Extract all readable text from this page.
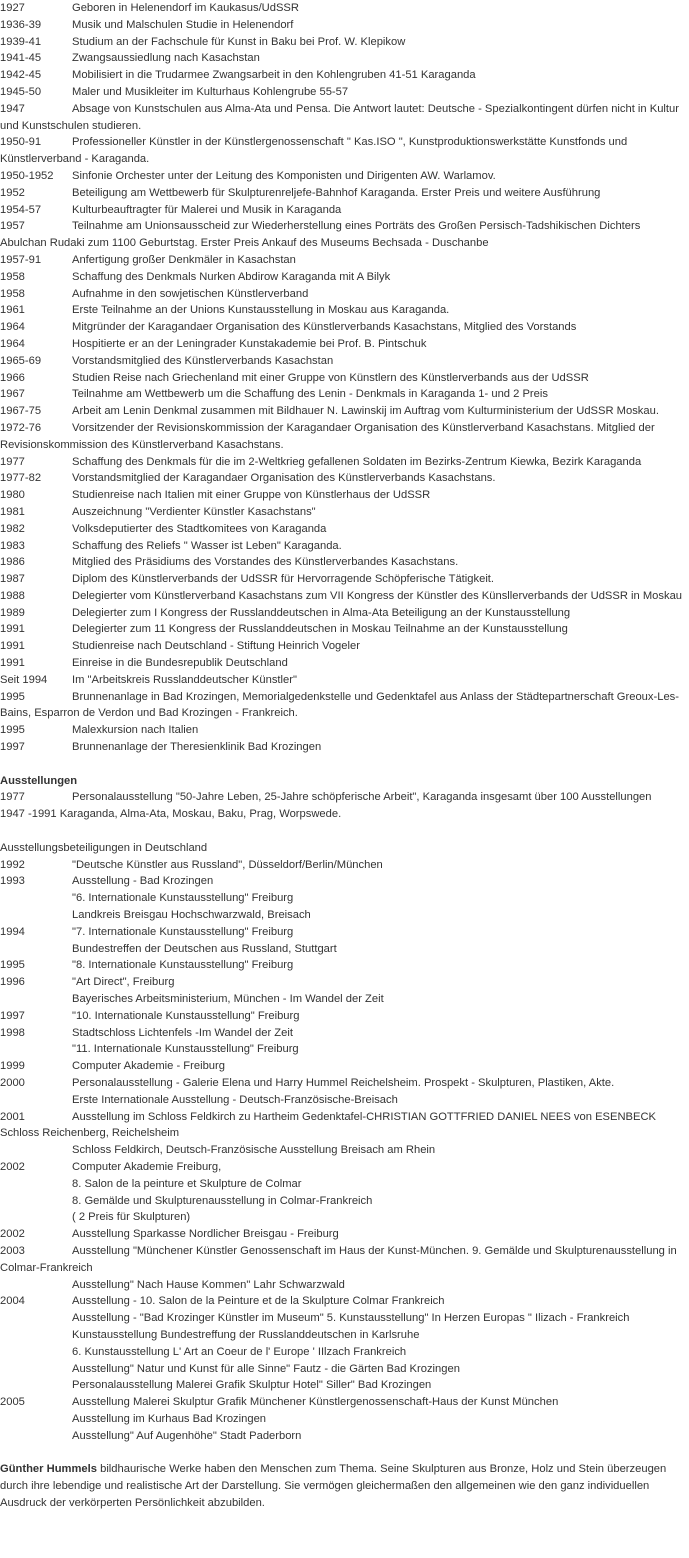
1927	Geboren in Helenendorf im Kaukasus/UdSSR
1936-39	Musik und Malschulen Studie in Helenendorf
1939-41	Studium an der Fachschule für Kunst in Baku bei Prof. W. Klepikow
1941-45	Zwangsaussiedlung nach Kasachstan
1942-45	Mobilisiert in die Trudarmee Zwangsarbeit in den Kohlengruben 41-51 Karaganda
1945-50	Maler und Musikleiter im Kulturhaus Kohlengrube 55-57
1947	Absage von Kunstschulen aus Alma-Ata und Pensa. Die Antwort lautet: Deutsche - Spezialkontingent dürfen nicht in Kultur und Kunstschulen studieren.
1950-91	Professioneller Künstler in der Künstlergenossenschaft " Kas.ISO ", Kunstproduktionswerkstätte Kunstfonds und Künstlerverband - Karaganda.
1950-1952 Sinfonie Orchester unter der Leitung des Komponisten und Dirigenten AW. Warlamov.
1952	Beteiligung am Wettbewerb für Skulpturenreljefe-Bahnhof Karaganda. Erster Preis und weitere Ausführung
1954-57	Kulturbeauftragter für Malerei und Musik in Karaganda
1957	Teilnahme am Unionsausscheid zur Wiederherstellung eines Porträts des Großen Persisch-Tadshikischen Dichters Abulchan Rudaki zum 1100 Geburtstag. Erster Preis Ankauf des Museums Bechsada - Duschanbe
1957-91	Anfertigung großer Denkmäler in Kasachstan
1958	Schaffung des Denkmals Nurken Abdirow Karaganda mit A Bilyk
1958	Aufnahme in den sowjetischen Künstlerverband
1961	Erste Teilnahme an der Unions Kunstausstellung in Moskau aus Karaganda.
1964	Mitgründer der Karagandaer Organisation des Künstlerverbands Kasachstans, Mitglied des Vorstands
1964	Hospitierte er an der Leningrader Kunstakademie bei Prof. B. Pintschuk
1965-69	Vorstandsmitglied des Künstlerverbands Kasachstan
1966	Studien Reise nach Griechenland mit einer Gruppe von Künstlern des Künstlerverbands aus der UdSSR
1967	Teilnahme am Wettbewerb um die Schaffung des Lenin - Denkmals in Karaganda 1- und 2 Preis
1967-75	Arbeit am Lenin Denkmal zusammen mit Bildhauer N. Lawinskij im Auftrag vom Kulturministerium der UdSSR Moskau.
1972-76	Vorsitzender der Revisionskommission der Karagandaer Organisation des Künstlerverband Kasachstans. Mitglied der Revisionskommission des Künstlerverband Kasachstans.
1977	Schaffung des Denkmals für die im 2-Weltkrieg gefallenen Soldaten im Bezirks-Zentrum Kiewka, Bezirk Karaganda
1977-82	Vorstandsmitglied der Karagandaer Organisation des Künstlerverbands Kasachstans.
1980	Studienreise nach Italien mit einer Gruppe von Künstlerhaus der UdSSR
1981	Auszeichnung "Verdienter Künstler Kasachstans"
1982	Volksdeputierter des Stadtkomitees von Karaganda
1983	Schaffung des Reliefs " Wasser ist Leben" Karaganda.
1986	Mitglied des Präsidiums des Vorstandes des Künstlerverbandes Kasachstans.
1987	Diplom des Künstlerverbands der UdSSR für Hervorragende Schöpferische Tätigkeit.
1988	Delegierter vom Künstlerverband Kasachstans zum VII Kongress der Künstler des Künsllerverbands der UdSSR in Moskau
1989	Delegierter zum I Kongress der Russlanddeutschen in Alma-Ata Beteiligung an der Kunstausstellung
1991	Delegierter zum 11 Kongress der Russlanddeutschen in Moskau Teilnahme an der Kunstausstellung
1991	Studienreise nach Deutschland - Stiftung Heinrich Vogeler
1991	Einreise in die Bundesrepublik Deutschland
Seit 1994 Im "Arbeitskreis Russlanddeutscher Künstler"
1995	Brunnenanlage in Bad Krozingen, Memorialgedenkstelle und Gedenktafel aus Anlass der Städtepartnerschaft Greoux-Les-Bains, Esparron de Verdon und Bad Krozingen - Frankreich.
1995	Malexkursion nach Italien
1997	Brunnenanlage der Theresienklinik Bad Krozingen
Ausstellungen
1977	Personalausstellung "50-Jahre Leben, 25-Jahre schöpferische Arbeit", Karaganda insgesamt über 100 Ausstellungen
1947 -1991 Karaganda, Alma-Ata, Moskau, Baku, Prag, Worpswede.
Ausstellungsbeteiligungen in Deutschland
1992	"Deutsche Künstler aus Russland", Düsseldorf/Berlin/München
1993	Ausstellung - Bad Krozingen
"6. Internationale Kunstausstellung" Freiburg
Landkreis Breisgau Hochschwarzwald, Breisach
1994	"7. Internationale Kunstausstellung" Freiburg
Bundestreffen der Deutschen aus Russland, Stuttgart
1995	"8. Internationale Kunstausstellung" Freiburg
1996	"Art Direct", Freiburg
Bayerisches Arbeitsministerium, München - Im Wandel der Zeit
1997	"10. Internationale Kunstausstellung" Freiburg
1998	Stadtschloss Lichtenfels -Im Wandel der Zeit
"11. Internationale Kunstausstellung" Freiburg
1999	Computer Akademie - Freiburg
2000	Personalausstellung - Galerie Elena und Harry Hummel Reichelsheim. Prospekt - Skulpturen, Plastiken, Akte.
Erste Internationale Ausstellung - Deutsch-Französische-Breisach
2001	Ausstellung im Schloss Feldkirch zu Hartheim Gedenktafel-CHRISTIAN GOTTFRIED DANIEL NEES von ESENBECK Schloss Reichenberg, Reichelsheim
Schloss Feldkirch, Deutsch-Französische Ausstellung Breisach am Rhein
2002	Computer Akademie Freiburg,
8. Salon de la peinture et Skulpture de Colmar
8. Gemälde und Skulpturenausstellung in Colmar-Frankreich
( 2 Preis für Skulpturen)
2002	Ausstellung Sparkasse Nordlicher Breisgau - Freiburg
2003	Ausstellung "Münchener Künstler Genossenschaft im Haus der Kunst-München. 9. Gemälde und Skulpturenausstellung in Colmar-Frankreich
Ausstellung" Nach Hause Kommen" Lahr Schwarzwald
2004	Ausstellung - 10. Salon de la Peinture et de la Skulpture Colmar Frankreich
Ausstellung - "Bad Krozinger Künstler im Museum" 5. Kunstausstellung" In Herzen Europas " Ilizach - Frankreich
Kunstausstellung Bundestreffung der Russlanddeutschen in Karlsruhe
6. Kunstausstellung L' Art an Coeur de l' Europe ' IIlzach Frankreich
Ausstellung" Natur und Kunst für alle Sinne" Fautz - die Gärten Bad Krozingen
Personalausstellung Malerei Grafik Skulptur Hotel" Siller" Bad Krozingen
2005	Ausstellung Malerei Skulptur Grafik Münchener Künstlergenossenschaft-Haus der Kunst München
Ausstellung im Kurhaus Bad Krozingen
Ausstellung" Auf Augenhöhe" Stadt Paderborn
Günther Hummels bildhaurische Werke haben den Menschen zum Thema. Seine Skulpturen aus Bronze, Holz und Stein überzeugen durch ihre lebendige und realistische Art der Darstellung. Sie vermögen gleichermaßen den allgemeinen wie den ganz individuellen Ausdruck der verkörperten Persönlichkeit abzubilden.
